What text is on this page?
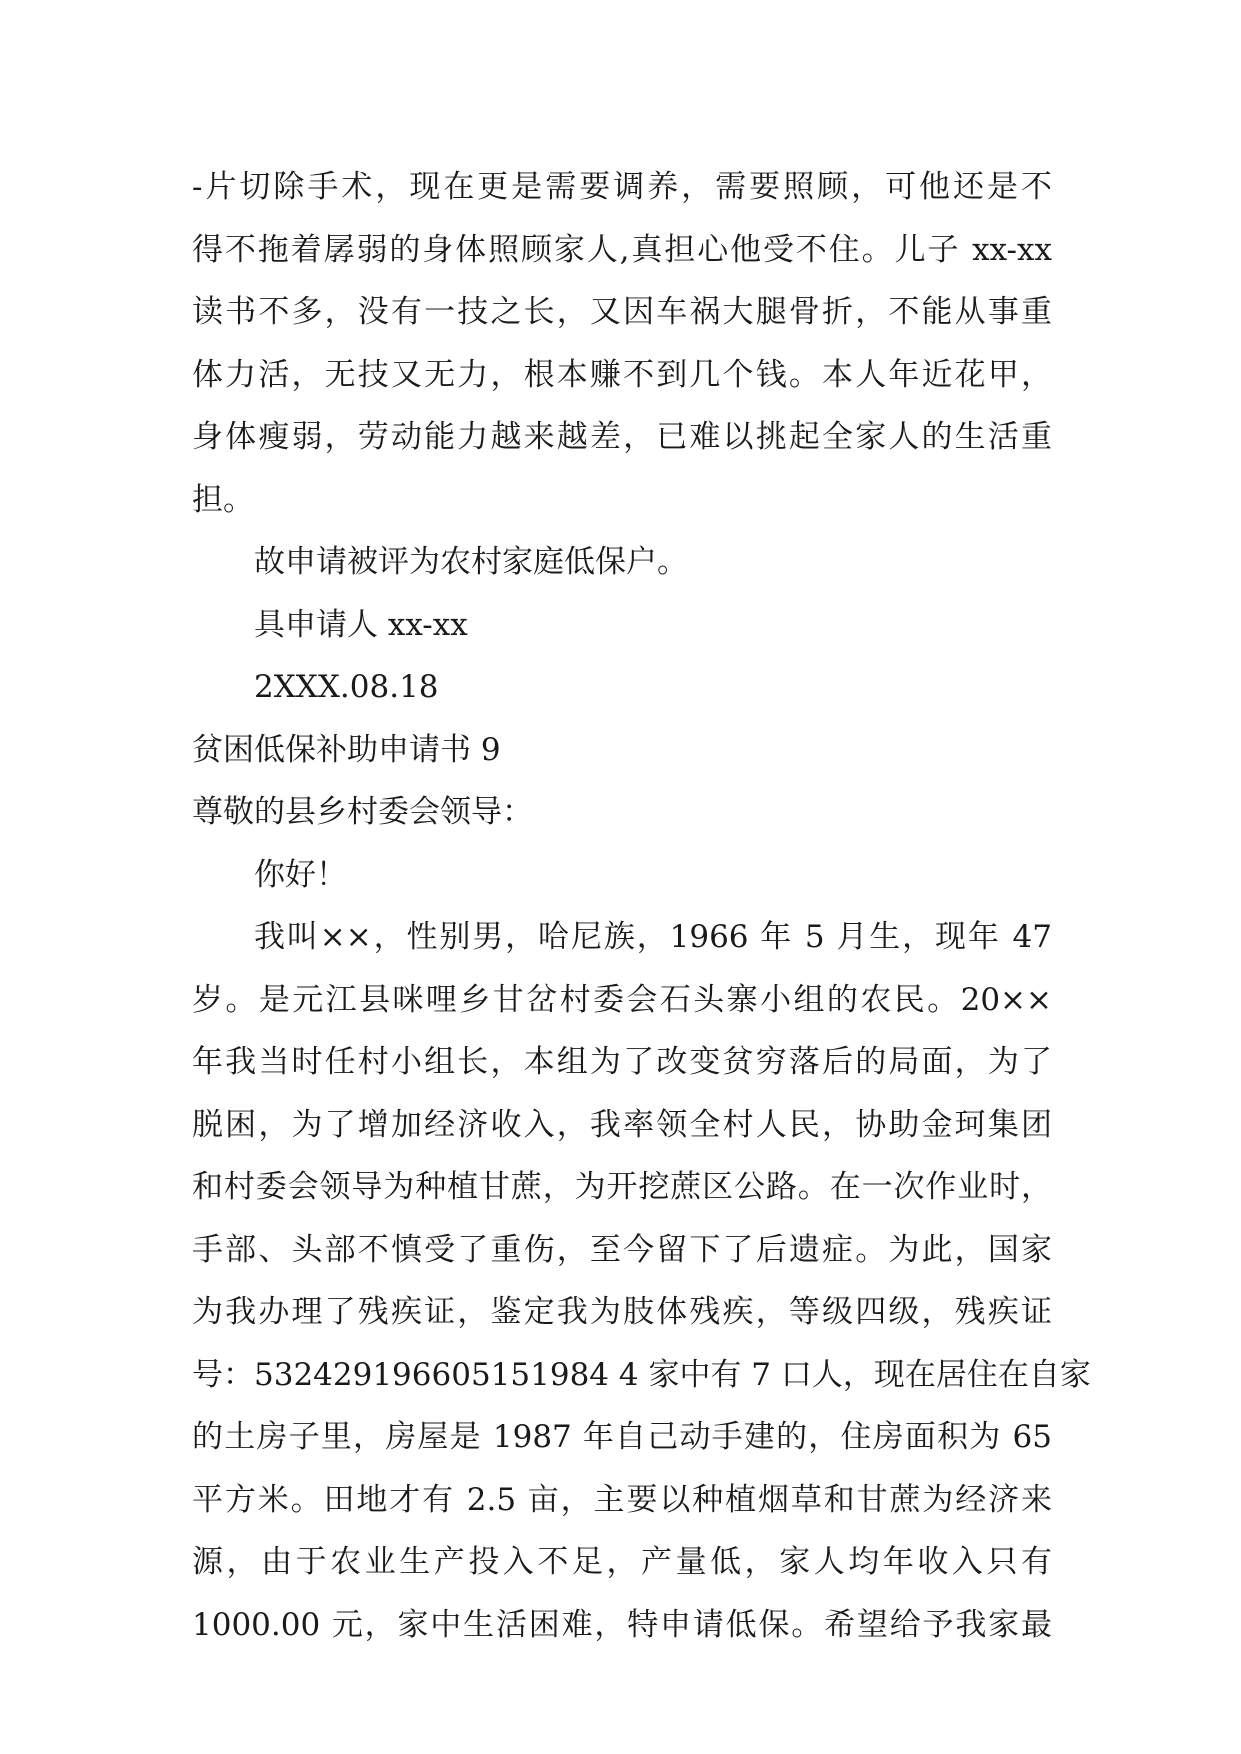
-片切除手术，现在更是需要调养，需要照顾，可他还是不
得不拖着孱弱的身体照顾家人,真担心他受不住。儿子 xx-xx
读书不多，没有一技之长，又因车祸大腿骨折，不能从事重
体力活，无技又无力，根本赚不到几个钱。本人年近花甲，
身体瘦弱，劳动能力越来越差，已难以挑起全家人的生活重
担。
故申请被评为农村家庭低保户。
具申请人 xx-xx
2XXX.08.18
贫困低保补助申请书 9
尊敬的县乡村委会领导：
你好！
我叫××，性别男，哈尼族，1966 年 5 月生，现年 47
岁。是元江县咪哩乡甘岔村委会石头寨小组的农民。20××
年我当时任村小组长，本组为了改变贫穷落后的局面，为了
脱困，为了增加经济收入，我率领全村人民，协助金珂集团
和村委会领导为种植甘蔗，为开挖蔗区公路。在一次作业时，
手部、头部不慎受了重伤，至今留下了后遗症。为此，国家
为我办理了残疾证，鉴定我为肢体残疾，等级四级，残疾证
号：532429196605151984 4 家中有 7 口人，现在居住在自家
的土房子里，房屋是 1987 年自己动手建的，住房面积为 65
平方米。田地才有 2.5 亩，主要以种植烟草和甘蔗为经济来
源，由于农业生产投入不足，产量低，家人均年收入只有
1000.00 元，家中生活困难，特申请低保。希望给予我家最
